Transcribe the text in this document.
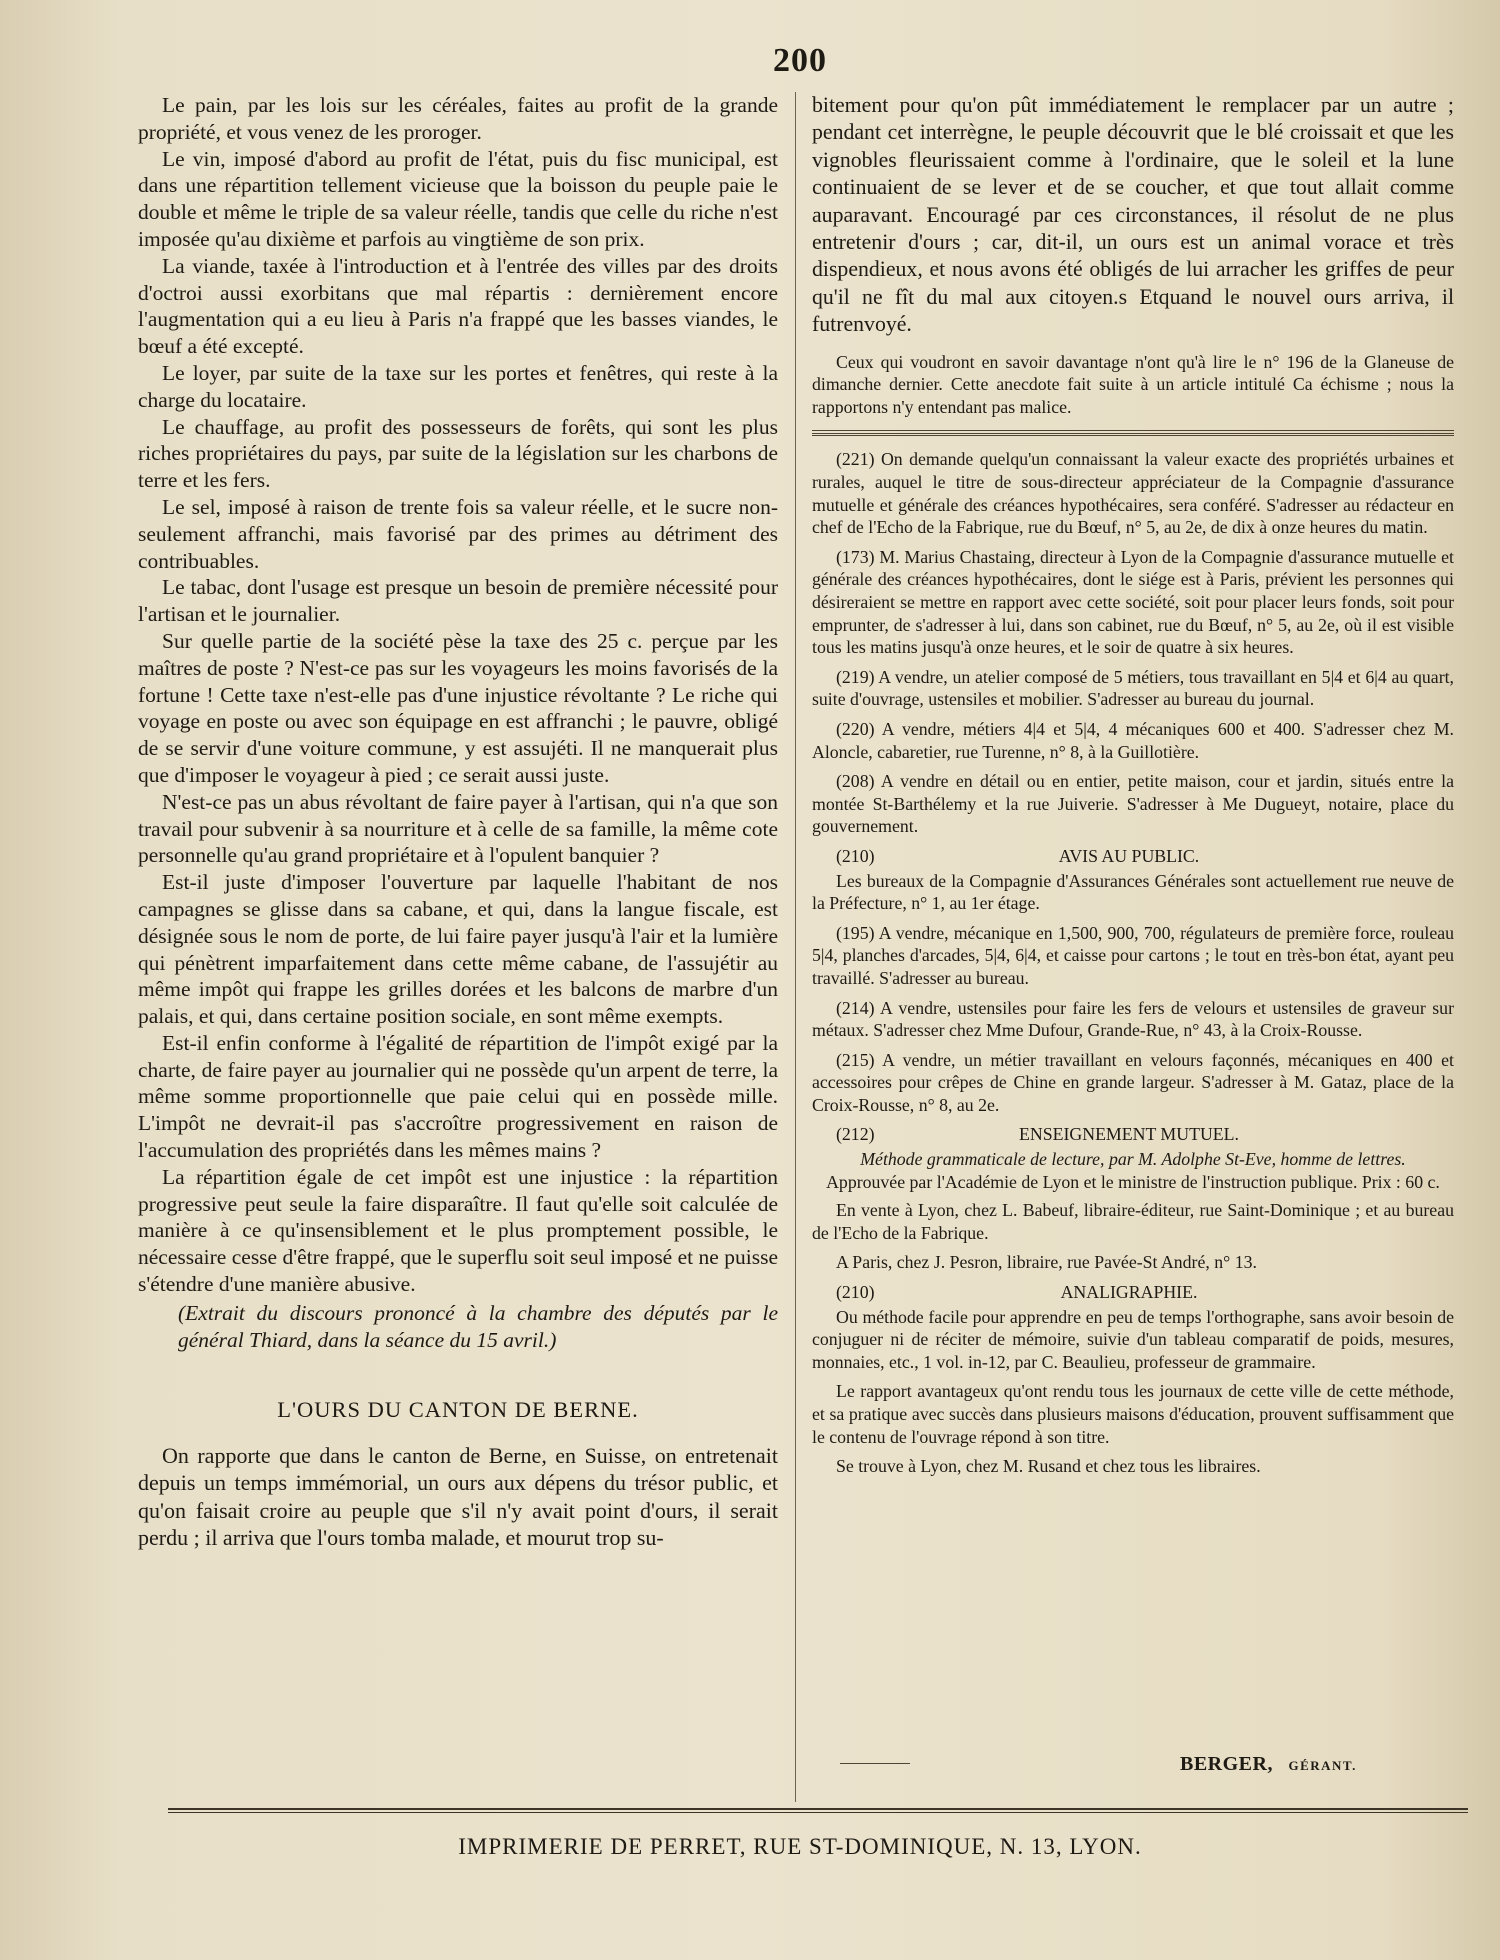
200

Le pain, par les lois sur les céréales, faites au profit de la grande propriété, et vous venez de les proroger.

Le vin, imposé d'abord au profit de l'état, puis du fisc municipal, est dans une répartition tellement vicieuse que la boisson du peuple paie le double et même le triple de sa valeur réelle, tandis que celle du riche n'est imposée qu'au dixième et parfois au vingtième de son prix.

La viande, taxée à l'introduction et à l'entrée des villes par des droits d'octroi aussi exorbitans que mal répartis : dernièrement encore l'augmentation qui a eu lieu à Paris n'a frappé que les basses viandes, le bœuf a été excepté.

Le loyer, par suite de la taxe sur les portes et fenêtres, qui reste à la charge du locataire.

Le chauffage, au profit des possesseurs de forêts, qui sont les plus riches propriétaires du pays, par suite de la législation sur les charbons de terre et les fers.

Le sel, imposé à raison de trente fois sa valeur réelle, et le sucre non-seulement affranchi, mais favorisé par des primes au détriment des contribuables.

Le tabac, dont l'usage est presque un besoin de première nécessité pour l'artisan et le journalier.

Sur quelle partie de la société pèse la taxe des 25 c. perçue par les maîtres de poste ? N'est-ce pas sur les voyageurs les moins favorisés de la fortune ! Cette taxe n'est-elle pas d'une injustice révoltante ? Le riche qui voyage en poste ou avec son équipage en est affranchi ; le pauvre, obligé de se servir d'une voiture commune, y est assujéti. Il ne manquerait plus que d'imposer le voyageur à pied ; ce serait aussi juste.

N'est-ce pas un abus révoltant de faire payer à l'artisan, qui n'a que son travail pour subvenir à sa nourriture et à celle de sa famille, la même cote personnelle qu'au grand propriétaire et à l'opulent banquier ?

Est-il juste d'imposer l'ouverture par laquelle l'habitant de nos campagnes se glisse dans sa cabane, et qui, dans la langue fiscale, est désignée sous le nom de porte, de lui faire payer jusqu'à l'air et la lumière qui pénètrent imparfaitement dans cette même cabane, de l'assujétir au même impôt qui frappe les grilles dorées et les balcons de marbre d'un palais, et qui, dans certaine position sociale, en sont même exempts.

Est-il enfin conforme à l'égalité de répartition de l'impôt exigé par la charte, de faire payer au journalier qui ne possède qu'un arpent de terre, la même somme proportionnelle que paie celui qui en possède mille. L'impôt ne devrait-il pas s'accroître progressivement en raison de l'accumulation des propriétés dans les mêmes mains ?

La répartition égale de cet impôt est une injustice : la répartition progressive peut seule la faire disparaître. Il faut qu'elle soit calculée de manière à ce qu'insensiblement et le plus promptement possible, le nécessaire cesse d'être frappé, que le superflu soit seul imposé et ne puisse s'étendre d'une manière abusive.

(Extrait du discours prononcé à la chambre des députés par le général Thiard, dans la séance du 15 avril.)

L'OURS DU CANTON DE BERNE.

On rapporte que dans le canton de Berne, en Suisse, on entretenait depuis un temps immémorial, un ours aux dépens du trésor public, et qu'on faisait croire au peuple que s'il n'y avait point d'ours, il serait perdu ; il arriva que l'ours tomba malade, et mourut trop su-

bitement pour qu'on pût immédiatement le remplacer par un autre ; pendant cet interrègne, le peuple découvrit que le blé croissait et que les vignobles fleurissaient comme à l'ordinaire, que le soleil et la lune continuaient de se lever et de se coucher, et que tout allait comme auparavant. Encouragé par ces circonstances, il résolut de ne plus entretenir d'ours ; car, dit-il, un ours est un animal vorace et très dispendieux, et nous avons été obligés de lui arracher les griffes de peur qu'il ne fît du mal aux citoyen.s Etquand le nouvel ours arriva, il futrenvoyé.

Ceux qui voudront en savoir davantage n'ont qu'à lire le n° 196 de la Glaneuse de dimanche dernier. Cette anecdote fait suite à un article intitulé Ca échisme ; nous la rapportons n'y entendant pas malice.

(221) On demande quelqu'un connaissant la valeur exacte des propriétés urbaines et rurales, auquel le titre de sous-directeur appréciateur de la Compagnie d'assurance mutuelle et générale des créances hypothécaires, sera conféré. S'adresser au rédacteur en chef de l'Echo de la Fabrique, rue du Bœuf, n° 5, au 2e, de dix à onze heures du matin.

(173) M. Marius Chastaing, directeur à Lyon de la Compagnie d'assurance mutuelle et générale des créances hypothécaires, dont le siége est à Paris, prévient les personnes qui désireraient se mettre en rapport avec cette société, soit pour placer leurs fonds, soit pour emprunter, de s'adresser à lui, dans son cabinet, rue du Bœuf, n° 5, au 2e, où il est visible tous les matins jusqu'à onze heures, et le soir de quatre à six heures.

(219) A vendre, un atelier composé de 5 métiers, tous travaillant en 5|4 et 6|4 au quart, suite d'ouvrage, ustensiles et mobilier. S'adresser au bureau du journal.

(220) A vendre, métiers 4|4 et 5|4, 4 mécaniques 600 et 400. S'adresser chez M. Aloncle, cabaretier, rue Turenne, n° 8, à la Guillotière.

(208) A vendre en détail ou en entier, petite maison, cour et jardin, situés entre la montée St-Barthélemy et la rue Juiverie. S'adresser à Me Dugueyt, notaire, place du gouvernement.

(210)	AVIS AU PUBLIC.

Les bureaux de la Compagnie d'Assurances Générales sont actuellement rue neuve de la Préfecture, n° 1, au 1er étage.

(195) A vendre, mécanique en 1,500, 900, 700, régulateurs de première force, rouleau 5|4, planches d'arcades, 5|4, 6|4, et caisse pour cartons ; le tout en très-bon état, ayant peu travaillé. S'adresser au bureau.

(214) A vendre, ustensiles pour faire les fers de velours et ustensiles de graveur sur métaux. S'adresser chez Mme Dufour, Grande-Rue, n° 43, à la Croix-Rousse.

(215) A vendre, un métier travaillant en velours façonnés, mécaniques en 400 et accessoires pour crêpes de Chine en grande largeur. S'adresser à M. Gataz, place de la Croix-Rousse, n° 8, au 2e.

(212)	ENSEIGNEMENT MUTUEL.

Méthode grammaticale de lecture, par M. Adolphe St-Eve, homme de lettres.

Approuvée par l'Académie de Lyon et le ministre de l'instruction publique. Prix : 60 c.

En vente à Lyon, chez L. Babeuf, libraire-éditeur, rue Saint-Dominique ; et au bureau de l'Echo de la Fabrique.

A Paris, chez J. Pesron, libraire, rue Pavée-St André, n° 13.

(210)	ANALIGRAPHIE.

Ou méthode facile pour apprendre en peu de temps l'orthographe, sans avoir besoin de conjuguer ni de réciter de mémoire, suivie d'un tableau comparatif de poids, mesures, monnaies, etc., 1 vol. in-12, par C. Beaulieu, professeur de grammaire.

Le rapport avantageux qu'ont rendu tous les journaux de cette ville de cette méthode, et sa pratique avec succès dans plusieurs maisons d'éducation, prouvent suffisamment que le contenu de l'ouvrage répond à son titre.

Se trouve à Lyon, chez M. Rusand et chez tous les libraires.

BERGER, GÉRANT.
IMPRIMERIE DE PERRET, RUE ST-DOMINIQUE, N. 13, LYON.
